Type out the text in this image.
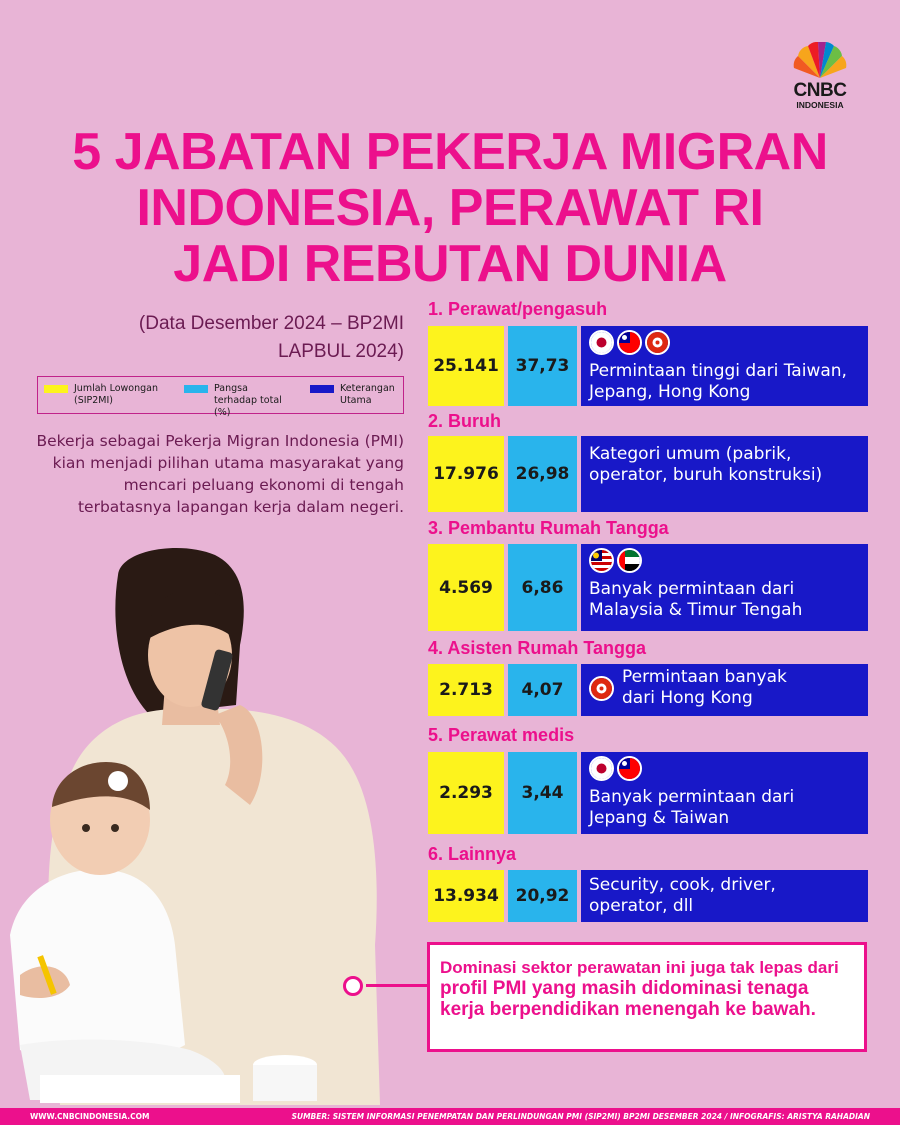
CNBC
INDONESIA
5 JABATAN PEKERJA MIGRAN
INDONESIA, PERAWAT RI
JADI REBUTAN DUNIA
(Data Desember 2024 – BP2MI
LAPBUL 2024)
Jumlah Lowongan (SIP2MI)
Pangsa terhadap total (%)
Keterangan Utama

Bekerja sebagai Pekerja Migran Indonesia (PMI) kian menjadi pilihan utama masyarakat yang mencari peluang ekonomi di tengah terbatasnya lapangan kerja dalam negeri.

1. Perawat/pengasuh
25.141 37,73	Permintaan tinggi dari Taiwan, Jepang, Hong Kong
2. Buruh
17.976 26,98
Kategori umum (pabrik, operator, buruh konstruksi)
3. Pembantu Rumah Tangga
4.569	6,86	Banyak permintaan dari Malaysia & Timur Tengah
4. Asisten Rumah Tangga
2.713	4,07
Permintaan banyak dari Hong Kong
5. Perawat medis
2.293	3,44	Banyak permintaan dari Jepang & Taiwan
6. Lainnya
13.934 20,92
Security, cook, driver, operator, dll
Dominasi sektor perawatan ini juga tak lepas dari profil PMI yang masih didominasi tenaga kerja berpendidikan menengah ke bawah.
WWW.CNBCINDONESIA.COM	SUMBER: SISTEM INFORMASI PENEMPATAN DAN PERLINDUNGAN PMI (SIP2MI) BP2MI DESEMBER 2024 / INFOGRAFIS: ARISTYA RAHADIAN
